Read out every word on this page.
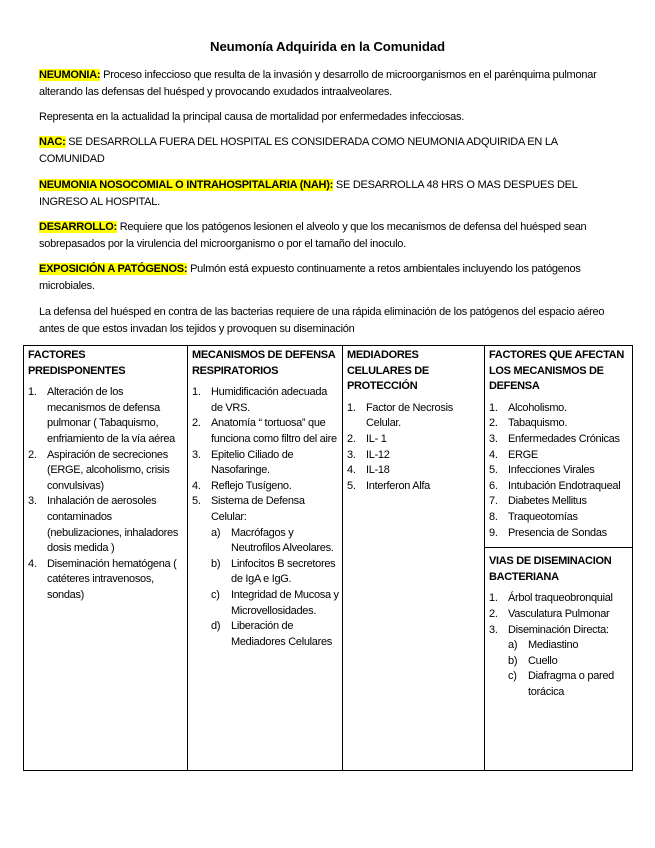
Neumonía Adquirida en la Comunidad
NEUMONIA: Proceso infeccioso que resulta de la invasión y desarrollo de microorganismos en el parénquima pulmonar alterando las defensas del huésped y provocando exudados intraalveolares.
Representa en la actualidad la principal causa de mortalidad por enfermedades infecciosas.
NAC: SE DESARROLLA FUERA DEL HOSPITAL ES CONSIDERADA COMO NEUMONIA ADQUIRIDA EN LA COMUNIDAD
NEUMONIA NOSOCOMIAL O INTRAHOSPITALARIA (NAH): SE DESARROLLA 48 HRS O MAS DESPUES DEL INGRESO AL HOSPITAL.
DESARROLLO: Requiere que los patógenos lesionen el alveolo y que los mecanismos de defensa del huésped sean sobrepasados por la virulencia del microorganismo o por el tamaño del inoculo.
EXPOSICIÓN A PATÓGENOS: Pulmón está expuesto continuamente a retos ambientales incluyendo los patógenos microbiales.
La defensa del huésped en contra de las bacterias requiere de una rápida eliminación de los patógenos del espacio aéreo antes de que estos invadan los tejidos y provoquen su diseminación
FACTORES PREDISPONENTES
1. Alteración de los mecanismos de defensa pulmonar ( Tabaquismo, enfriamiento de la vía aérea
2. Aspiración de secreciones (ERGE, alcoholismo, crisis convulsivas)
3. Inhalación de aerosoles contaminados (nebulizaciones, inhaladores dosis medida )
4. Diseminación hematógena ( catéteres intravenosos, sondas)

MECANISMOS DE DEFENSA RESPIRATORIOS
1. Humidificación adecuada de VRS.
2. Anatomía “ tortuosa” que funciona como filtro del aire
3. Epitelio Ciliado de Nasofaringe.
4. Reflejo Tusígeno.
5. Sistema de Defensa Celular:
a) Macrófagos y Neutrofilos Alveolares.
b) Linfocitos B secretores de IgA e IgG.
c) Integridad de Mucosa y Microvellosidades.
d) Liberación de Mediadores Celulares

MEDIADORES CELULARES DE PROTECCIÓN
1. Factor de Necrosis Celular.
2. IL- 1
3. IL-12
4. IL-18
5. Interferon Alfa

FACTORES QUE AFECTAN LOS MECANISMOS DE DEFENSA
1. Alcoholismo.
2. Tabaquismo.
3. Enfermedades Crónicas
4. ERGE
5. Infecciones Virales
6. Intubación Endotraqueal
7. Diabetes Mellitus
8. Traqueotomías
9. Presencia de Sondas
VIAS DE DISEMINACION BACTERIANA
1. Árbol traqueobronquial
2. Vasculatura Pulmonar
3. Diseminación Directa:
a) Mediastino
b) Cuello
c) Diafragma o pared torácica
